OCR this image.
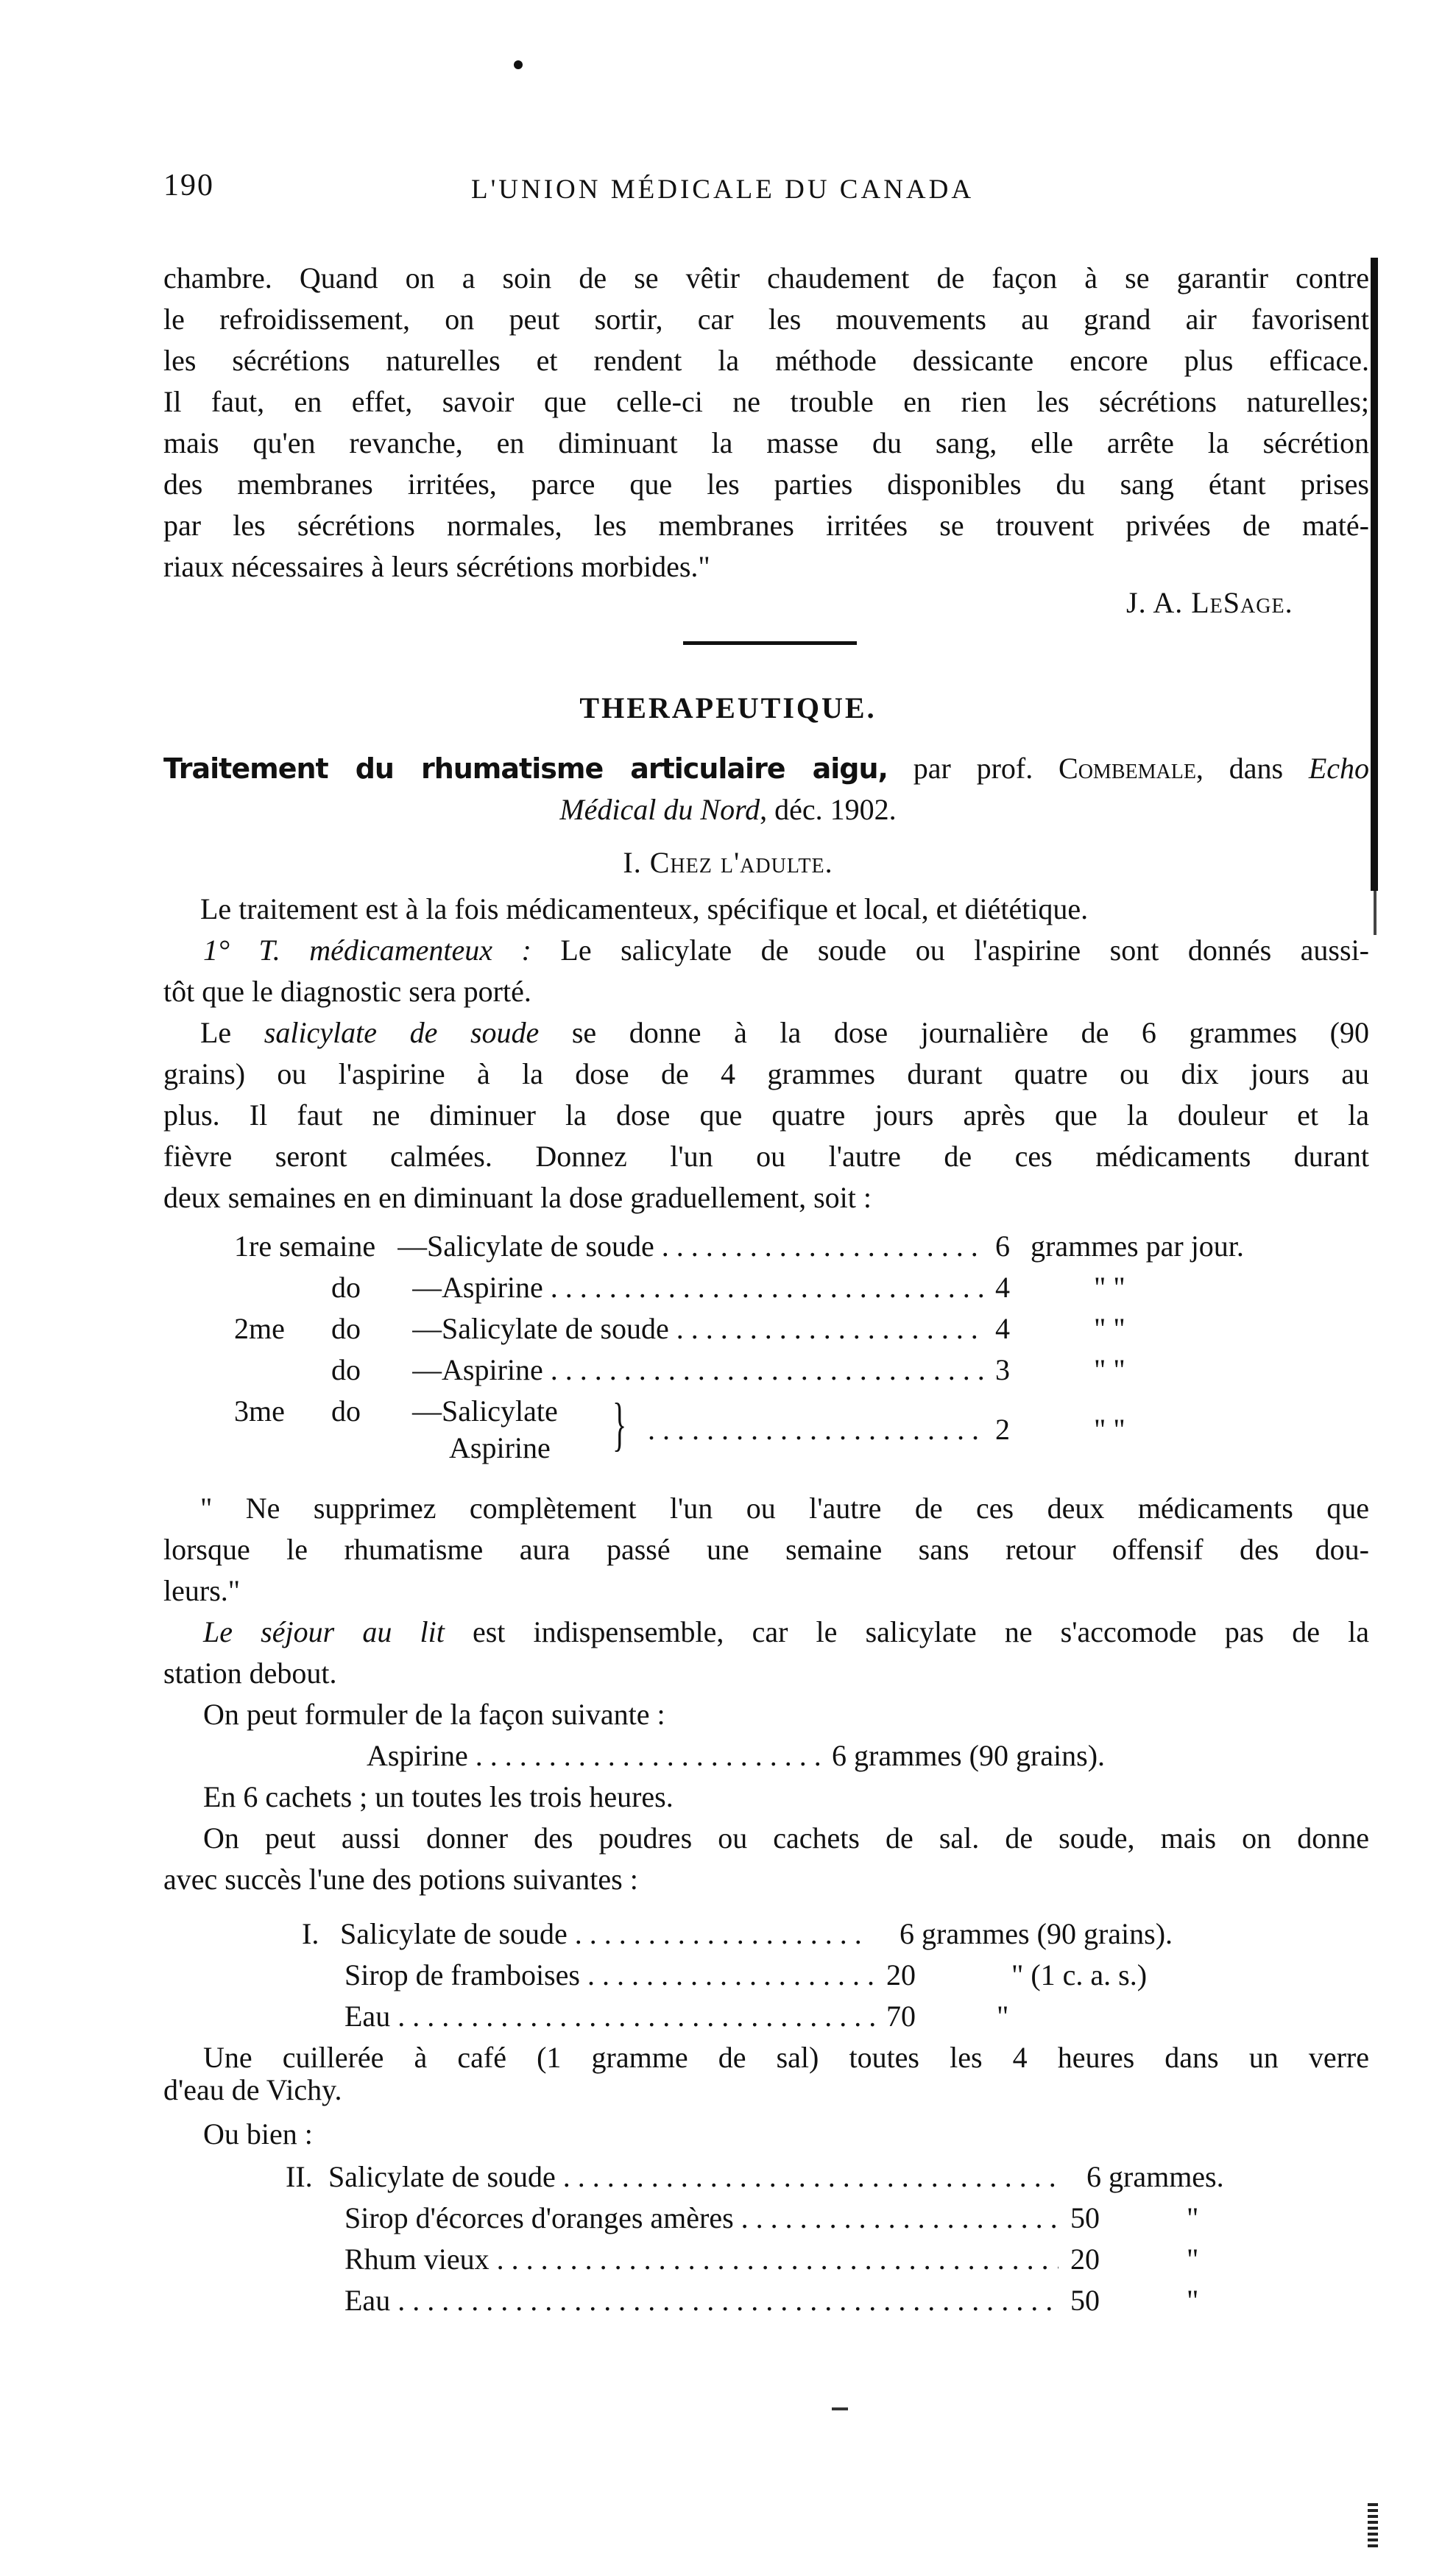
190	L'UNION MÉDICALE DU CANADA
chambre. Quand on a soin de se vêtir chaudement de façon à se garantir contre
le refroidissement, on peut sortir, car les mouvements au grand air favorisent
les sécrétions naturelles et rendent la méthode dessicante encore plus efficace.
Il faut, en effet, savoir que celle-ci ne trouble en rien les sécrétions naturelles;
mais qu'en revanche, en diminuant la masse du sang, elle arrête la sécrétion
des membranes irritées, parce que les parties disponibles du sang étant prises
par les sécrétions normales, les membranes irritées se trouvent privées de maté-
riaux nécessaires à leurs sécrétions morbides."
J. A. LeSage.
THERAPEUTIQUE.
Traitement du rhumatisme articulaire aigu, par prof. Combemale, dans Echo
Médical du Nord, déc. 1902.
I. Chez l'adulte.
Le traitement est à la fois médicamenteux, spécifique et local, et diététique.
1° T. médicamenteux : Le salicylate de soude ou l'aspirine sont donnés aussi-
tôt que le diagnostic sera porté.
Le salicylate de soude se donne à la dose journalière de 6 grammes (90
grains) ou l'aspirine à la dose de 4 grammes durant quatre ou dix jours au
plus. Il faut ne diminuer la dose que quatre jours après que la douleur et la
fièvre seront calmées. Donnez l'un ou l'autre de ces médicaments durant
deux semaines en en diminuant la dose graduellement, soit :
1re semaine —Salicylate de soude . . .	6 grammes par jour.
do —Aspirine . . .	4	" "
2me do —Salicylate de soude . . .	4	" "
do —Aspirine . . .	3	" "
3me do —Salicylate
Aspirine }
. . .	2	" "
" Ne supprimez complètement l'un ou l'autre de ces deux médicaments que
lorsque le rhumatisme aura passé une semaine sans retour offensif des dou-
leurs."
Le séjour au lit est indispensemble, car le salicylate ne s'accomode pas de la
station debout.
On peut formuler de la façon suivante :
Aspirine . . .	6 grammes (90 grains).
En 6 cachets ; un toutes les trois heures.
On peut aussi donner des poudres ou cachets de sal. de soude, mais on donne
avec succès l'une des potions suivantes :
I. Salicylate de soude . . .	6 grammes (90 grains).
Sirop de framboises . . .	20	" (1 c. a. s.)
Eau . . .	70	"
Une cuillerée à café (1 gramme de sal) toutes les 4 heures dans un verre
d'eau de Vichy.
Ou bien :
II. Salicylate de soude . . .	6 grammes.
Sirop d'écorces d'oranges amères . . .	50	"
Rhum vieux . . .	20	"
Eau . . .	50	"
